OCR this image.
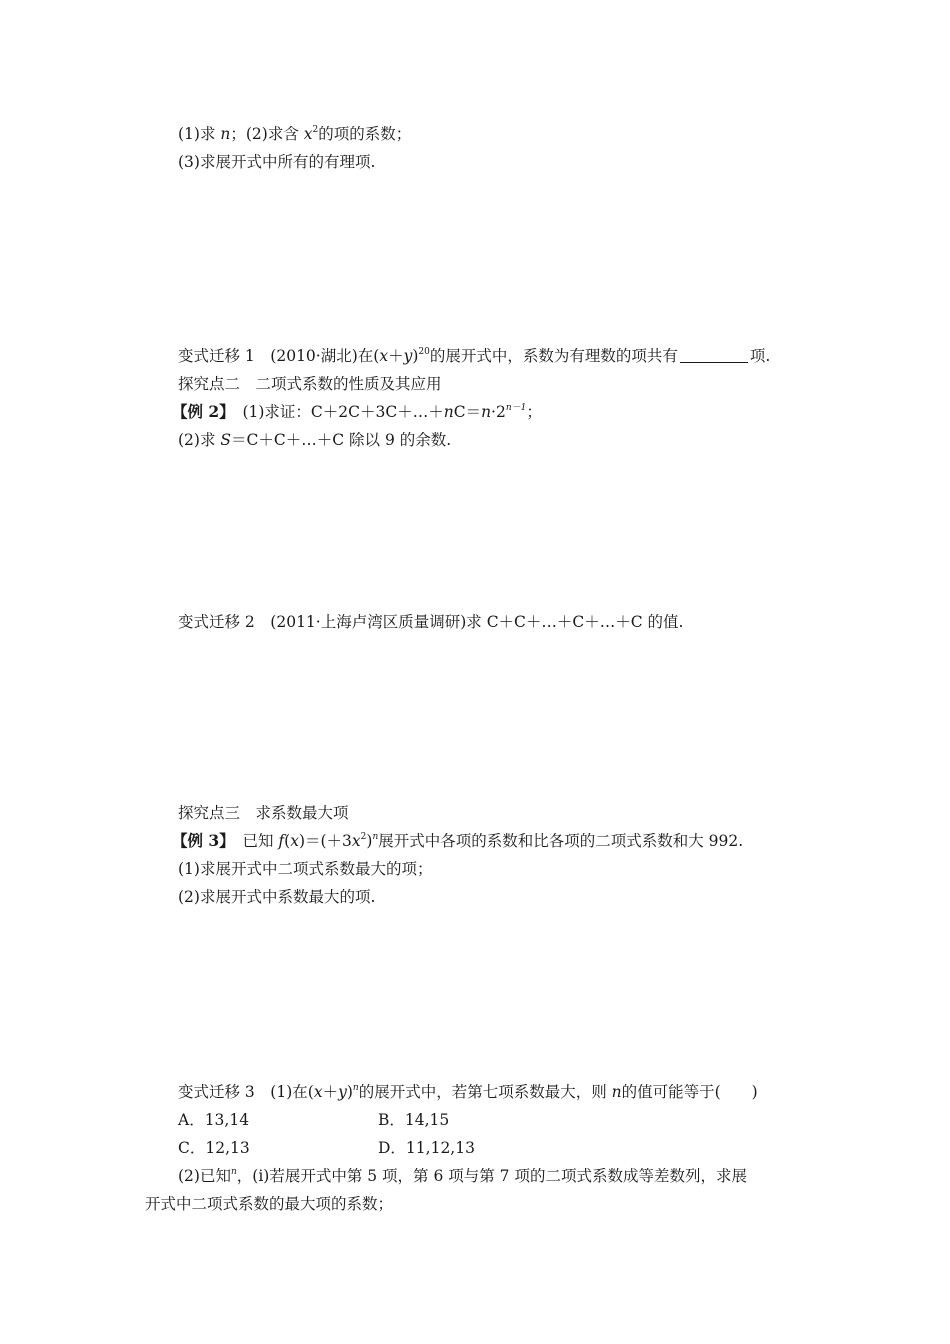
(1)求 n；(2)求含 $x^2$的项的系数；
(3)求展开式中所有的有理项.
变式迁移 1  (2010·湖北)在$(x+y)^{20}$的展开式中，系数为有理数的项共有	项.
探究点二　二项式系数的性质及其应用
【例 2】  (1)求证：$C+2C+3C+\dots+nC=n\cdot 2^{n-1}$；
(2)求 S＝C＋C＋…＋C 除以 9 的余数.
变式迁移 2  (2011·上海卢湾区质量调研)求 C＋C＋…＋C＋…＋C 的值.
探究点三　求系数最大项
【例 3】  已知 $f(x)=(+3x^2)^n$展开式中各项的系数和比各项的二项式系数和大 992.
(1)求展开式中二项式系数最大的项；
(2)求展开式中系数最大的项.
变式迁移 3  (1)在$(x+y)^n$的展开式中，若第七项系数最大，则 n的值可能等于(　　)
A．13,14	B．14,15
C．12,13	D．11,12,13
(2)已知$^n$，(ⅰ)若展开式中第 5 项，第 6 项与第 7 项的二项式系数成等差数列，求展
开式中二项式系数的最大项的系数；
